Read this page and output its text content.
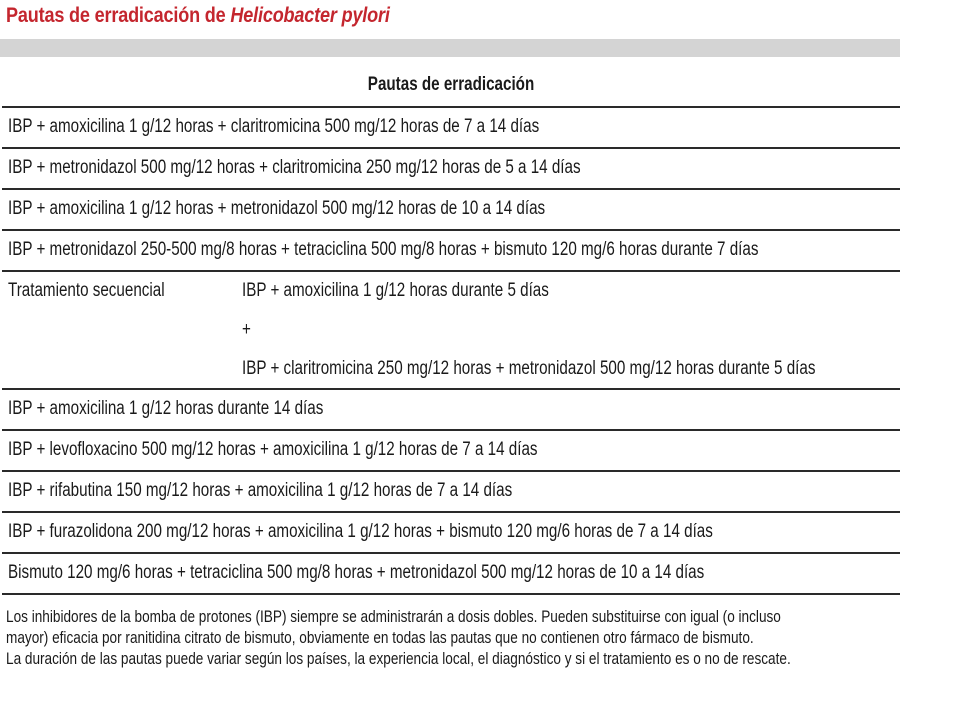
Pautas de erradicación de Helicobacter pylori
Pautas de erradicación
IBP + amoxicilina 1 g/12 horas + claritromicina 500 mg/12 horas de 7 a 14 días
IBP + metronidazol 500 mg/12 horas + claritromicina 250 mg/12 horas de 5 a 14 días
IBP + amoxicilina 1 g/12 horas + metronidazol 500 mg/12 horas de 10 a 14 días
IBP + metronidazol 250-500 mg/8 horas + tetraciclina 500 mg/8 horas + bismuto 120 mg/6 horas durante 7 días
Tratamiento secuencial	IBP + amoxicilina 1 g/12 horas durante 5 días
+
IBP + claritromicina 250 mg/12 horas + metronidazol 500 mg/12 horas durante 5 días
IBP + amoxicilina 1 g/12 horas durante 14 días
IBP + levofloxacino 500 mg/12 horas + amoxicilina 1 g/12 horas de 7 a 14 días
IBP + rifabutina 150 mg/12 horas + amoxicilina 1 g/12 horas de 7 a 14 días
IBP + furazolidona 200 mg/12 horas + amoxicilina 1 g/12 horas + bismuto 120 mg/6 horas de 7 a 14 días
Bismuto 120 mg/6 horas + tetraciclina 500 mg/8 horas + metronidazol 500 mg/12 horas de 10 a 14 días
Los inhibidores de la bomba de protones (IBP) siempre se administrarán a dosis dobles. Pueden substituirse con igual (o incluso
mayor) eficacia por ranitidina citrato de bismuto, obviamente en todas las pautas que no contienen otro fármaco de bismuto.
La duración de las pautas puede variar según los países, la experiencia local, el diagnóstico y si el tratamiento es o no de rescate.
